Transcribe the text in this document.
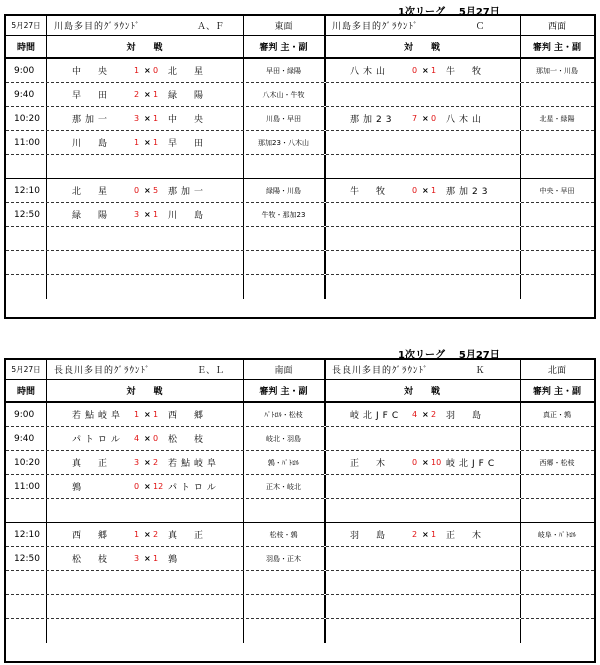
1次リーグ    5月27日
5月27日	川島多目的ｸﾞﾗｳﾝﾄﾞ	Ａ、Ｆ	東面	川島多目的ｸﾞﾗｳﾝﾄﾞ	Ｃ	西面
時間	対　　戦	審判 主・副	対　　戦	審判 主・副
9:00	中　央	1 × 0 北　星	早田・緑陽	八木山	0 × 1 牛　牧	那加一・川島
9:40	早　田	2 × 1 緑　陽	八木山・牛牧
10:20	那加一	3 × 1 中　央	川島・早田	那加23 7 × 0 八木山	北星・緑陽
11:00	川　島	1 × 1 早　田	那加23・八木山
12:10	北　星	0 × 5 那加一	緑陽・川島	牛　牧	0 × 1 那加23	中央・早田
12:50	緑　陽	3 × 1 川　島	牛牧・那加23
1次リーグ    5月27日
5月27日	長良川多目的ｸﾞﾗｳﾝﾄﾞ	Ｅ、Ｌ	南面	長良川多目的ｸﾞﾗｳﾝﾄﾞ	Ｋ	北面
時間	対　　戦	審判 主・副	対　　戦	審判 主・副
9:00	若鮎岐阜 1 × 1 西　郷	ﾊﾟﾄﾛﾙ・松枝	岐北JFC 4 × 2 羽　島	真正・鶉
9:40	パトロル 4 × 0 松　枝	岐北・羽島
10:20	真　正	3 × 2 若鮎岐阜	鶉・ﾊﾟﾄﾛﾙ	正　木	0 × 10 岐北JFC	西郷・松枝
11:00	鶉	0 × 12 パトロル	正木・岐北
12:10	西　郷	1 × 2 真　正	松枝・鶉	羽　島	2 × 1 正　木	岐阜・ﾊﾟﾄﾛﾙ
12:50	松　枝	3 × 1 鶉	羽島・正木
